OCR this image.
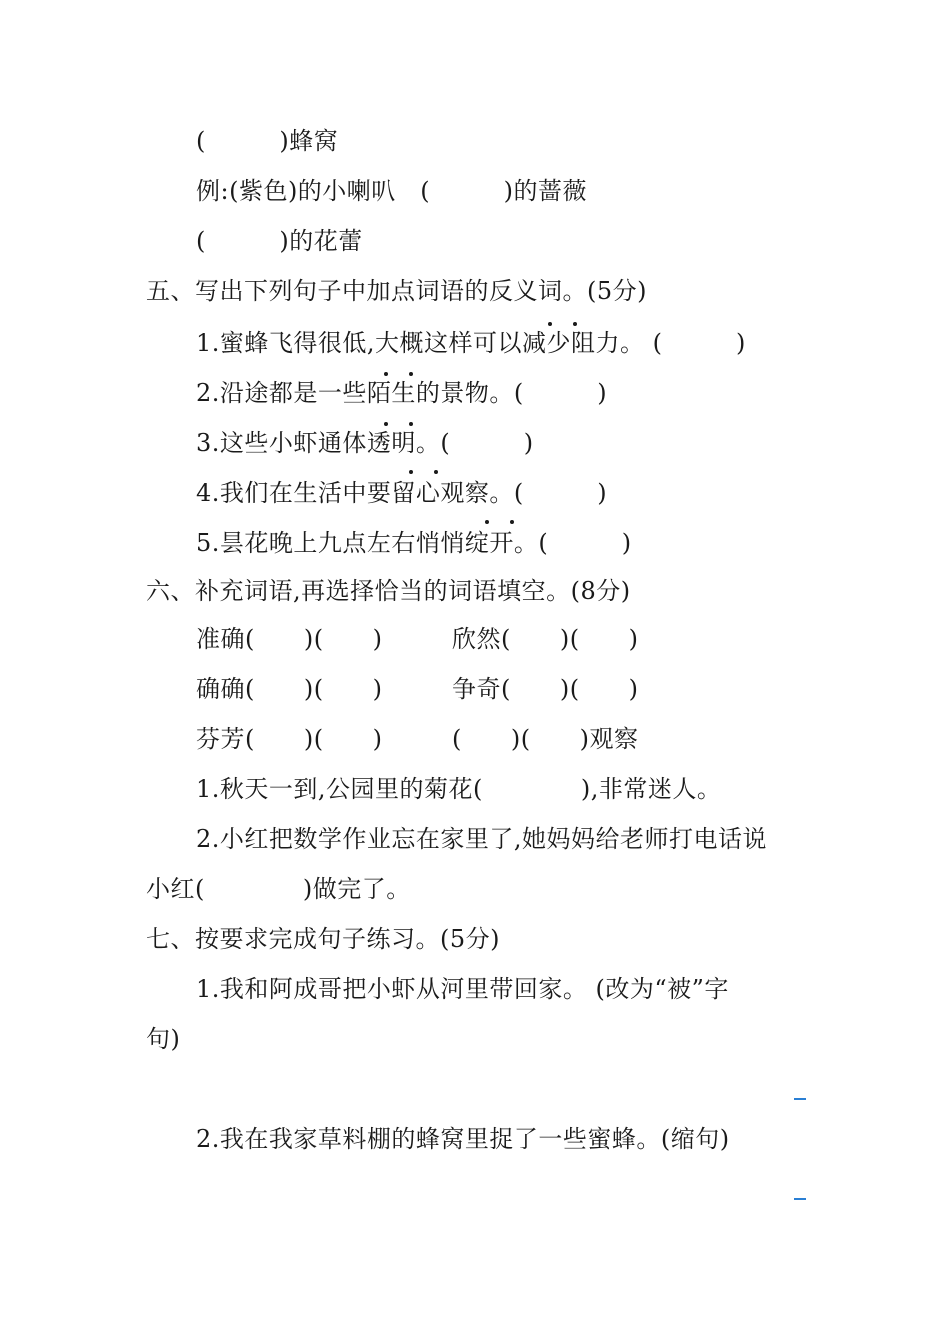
(　　　)蜂窝
例:(紫色)的小喇叭　(　　　)的蔷薇
(　　　)的花蕾
五、写出下列句子中加点词语的反义词。(5分)
1.蜜蜂飞得很低,大概这样可以减少阻力。 (　　　)
2.沿途都是一些陌生的景物。(　　　)
3.这些小虾通体透明。(　　　)
4.我们在生活中要留心观察。(　　　)
5.昙花晚上九点左右悄悄绽开。(　　　)
六、补充词语,再选择恰当的词语填空。(8分)
准确(　　)(　　)	欣然(　　)(　　)
确确(　　)(　　)	争奇(　　)(　　)
芬芳(　　)(　　)	(　　)(　　)观察
1.秋天一到,公园里的菊花(　　　　),非常迷人。
2.小红把数学作业忘在家里了,她妈妈给老师打电话说
小红(　　　　)做完了。
七、按要求完成句子练习。(5分)
1.我和阿成哥把小虾从河里带回家。 (改为“被”字
句)
2.我在我家草料棚的蜂窝里捉了一些蜜蜂。(缩句)
